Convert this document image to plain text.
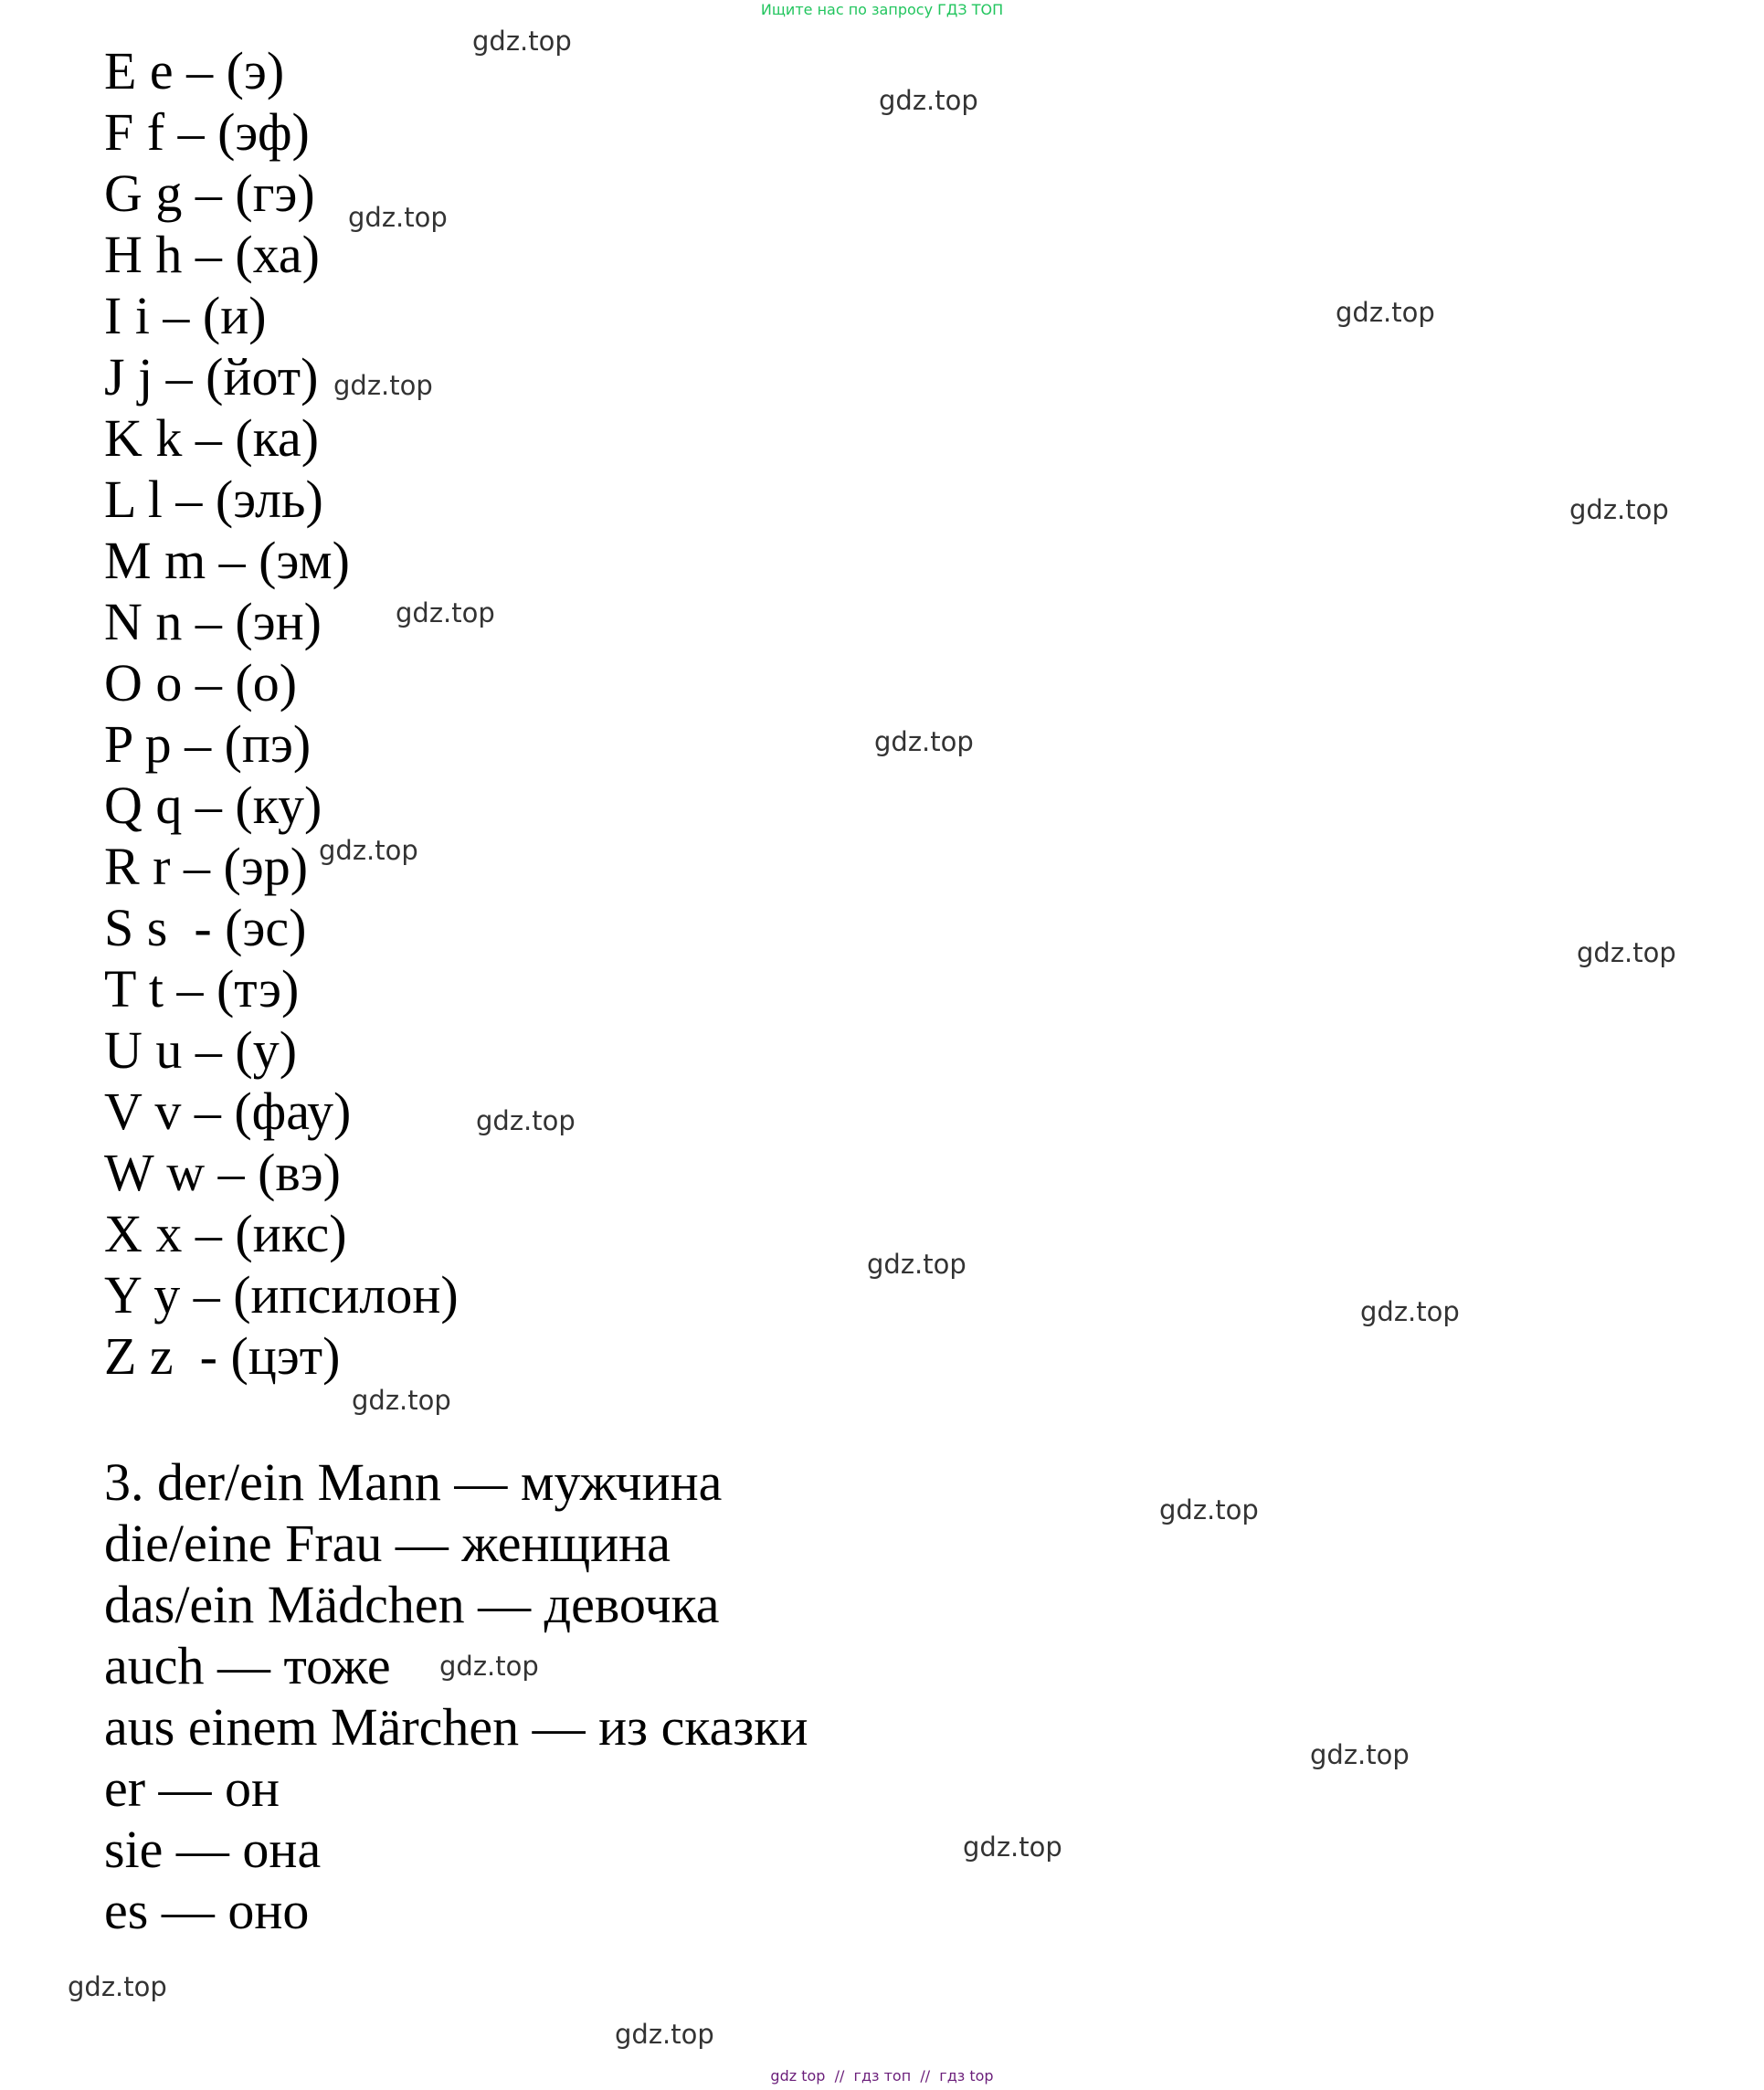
Ищите нас по запросу ГДЗ ТОП
E e – (э)
F f – (эф)
G g – (гэ)
H h – (ха)
I i – (и)
J j – (йот)
K k – (ка)
L l – (эль)
M m – (эм)
N n – (эн)
O o – (о)
P p – (пэ)
Q q – (ку)
R r – (эр)
S s  - (эс)
T t – (тэ)
U u – (у)
V v – (фау)
W w – (вэ)
X x – (икс)
Y y – (ипсилон)
Z z  - (цэт)
3. der/ein Mann — мужчина
die/eine Frau — женщина
das/ein Mädchen — девочка
auch — тоже
aus einem Märchen — из сказки
er — он
sie — она
es — оно
gdz.top
gdz.top
gdz.top
gdz.top
gdz.top
gdz.top
gdz.top
gdz.top
gdz.top
gdz.top
gdz.top
gdz.top
gdz.top
gdz.top
gdz.top
gdz.top
gdz.top
gdz.top
gdz.top
gdz.top
gdz top  //  гдз топ  //  гдз top
